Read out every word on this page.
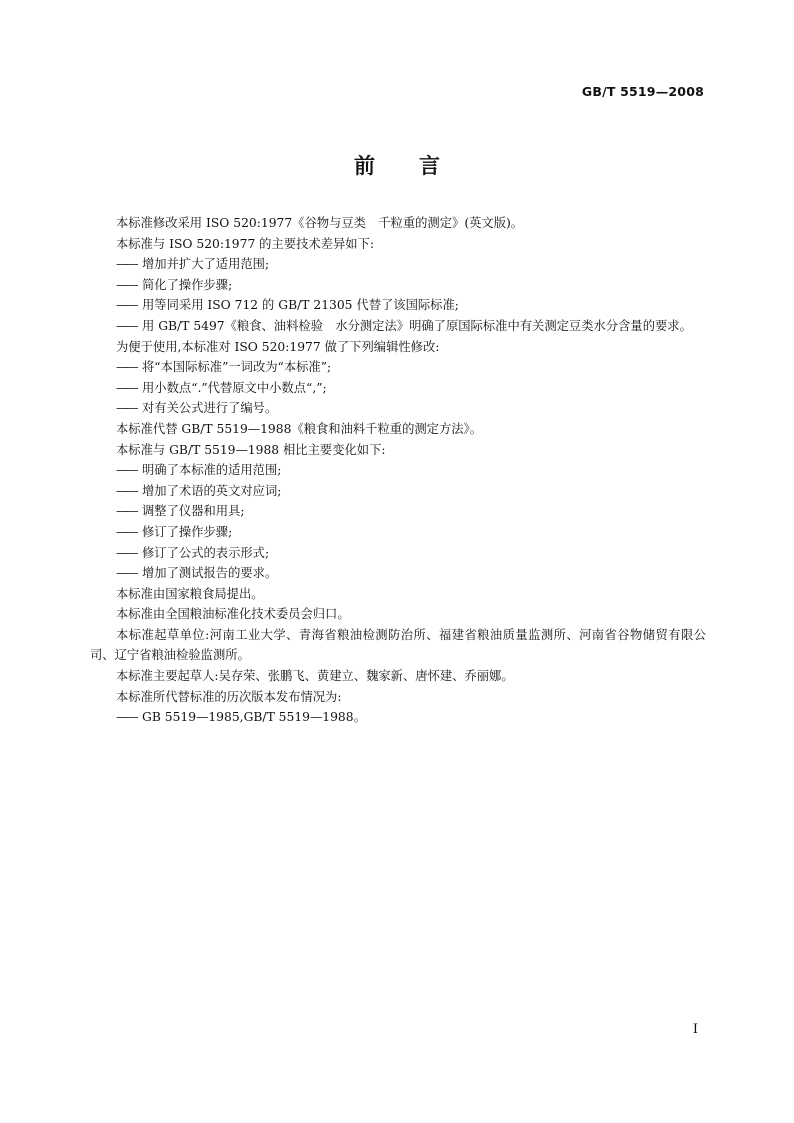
GB/T 5519—2008
前言

本标准修改采用 ISO 520:1977《谷物与豆类　千粒重的测定》(英文版)。

本标准与 ISO 520:1977 的主要技术差异如下:

—— 增加并扩大了适用范围;

—— 简化了操作步骤;

—— 用等同采用 ISO 712 的 GB/T 21305 代替了该国际标准;

—— 用 GB/T 5497《粮食、油料检验　水分测定法》明确了原国际标准中有关测定豆类水分含量的要求。

为便于使用,本标准对 ISO 520:1977 做了下列编辑性修改:

—— 将“本国际标准”一词改为“本标准”;

—— 用小数点“.”代替原文中小数点“,”;

—— 对有关公式进行了编号。

本标准代替 GB/T 5519—1988《粮食和油料千粒重的测定方法》。

本标准与 GB/T 5519—1988 相比主要变化如下:

—— 明确了本标准的适用范围;

—— 增加了术语的英文对应词;

—— 调整了仪器和用具;

—— 修订了操作步骤;

—— 修订了公式的表示形式;

—— 增加了测试报告的要求。

本标准由国家粮食局提出。

本标准由全国粮油标准化技术委员会归口。

本标准起草单位:河南工业大学、青海省粮油检测防治所、福建省粮油质量监测所、河南省谷物储贸有限公司、辽宁省粮油检验监测所。

本标准主要起草人:吴存荣、张鹏飞、黄建立、魏家新、唐怀建、乔丽娜。

本标准所代替标准的历次版本发布情况为:

—— GB 5519—1985,GB/T 5519—1988。

I
